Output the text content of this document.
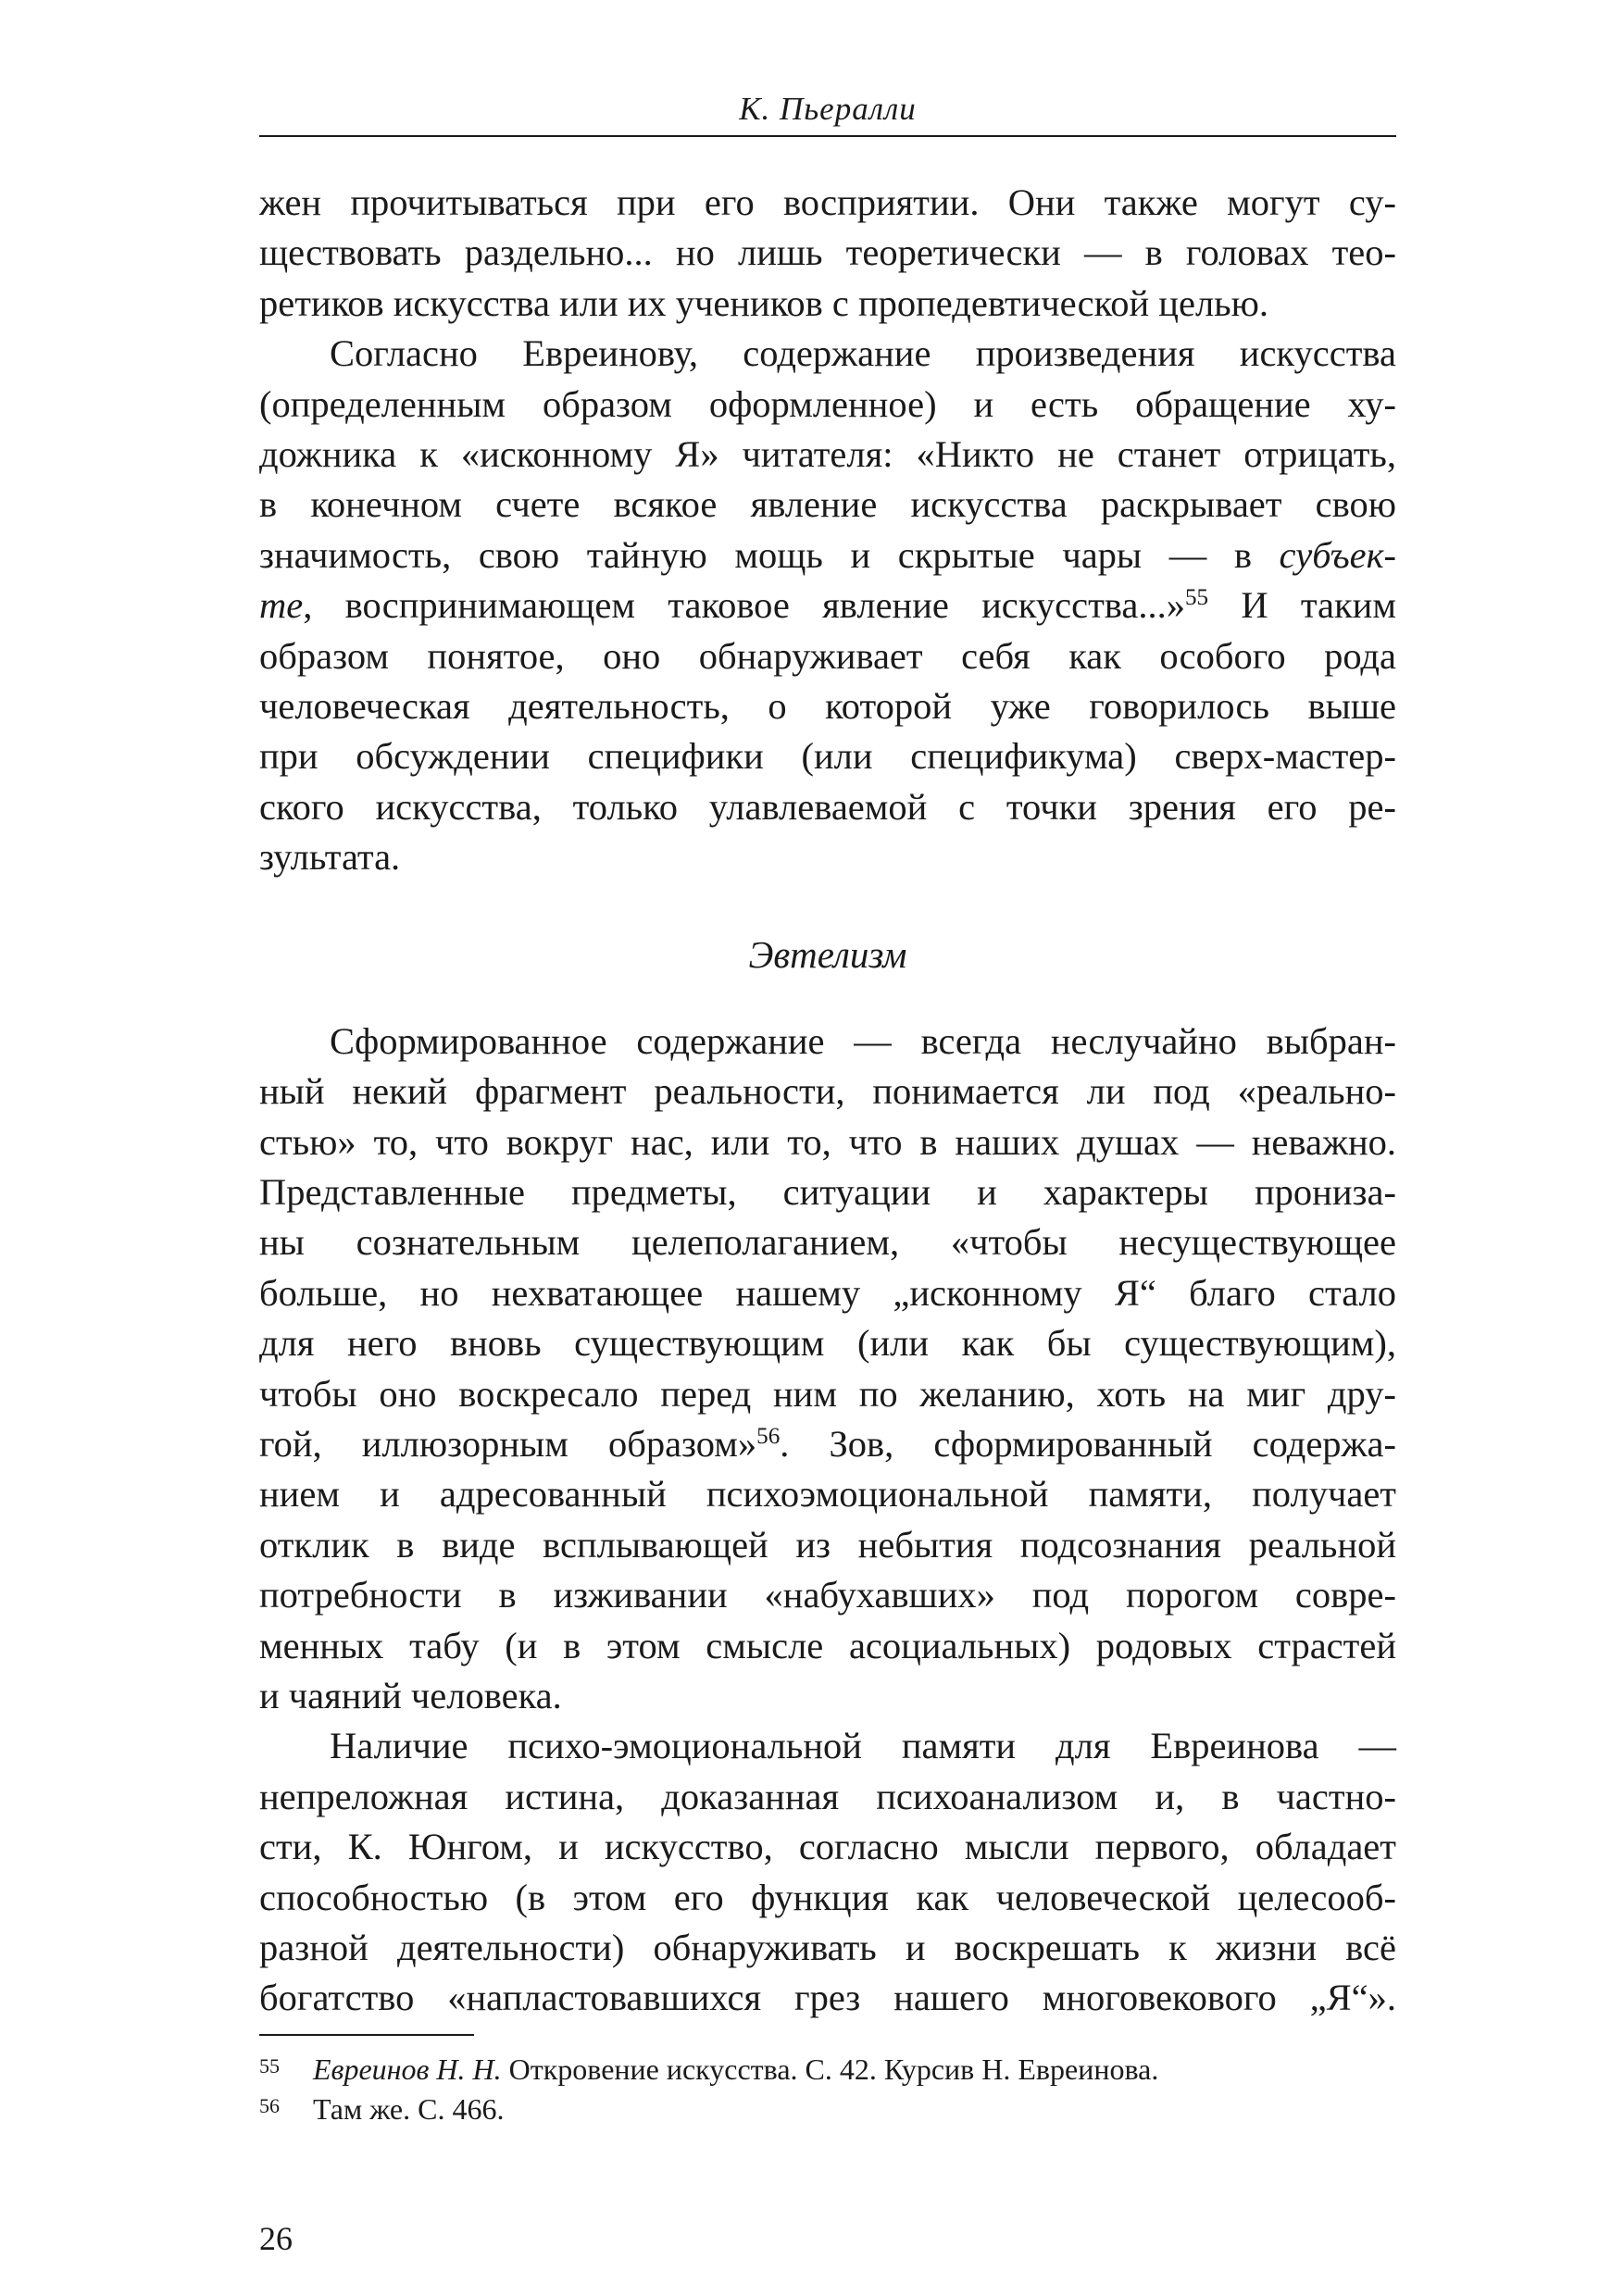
К. Пьералли

жен прочитываться при его восприятии. Они также могут су-
ществовать раздельно... но лишь теоретически — в головах тео-
ретиков искусства или их учеников с пропедевтической целью.

Согласно Евреинову, содержание произведения искусства
(определенным образом оформленное) и есть обращение ху-
дожника к «исконному Я» читателя: «Никто не станет отрицать,
в конечном счете всякое явление искусства раскрывает свою
значимость, свою тайную мощь и скрытые чары — в субъек-
те, воспринимающем таковое явление искусства...»$^{55}$ И таким
образом понятое, оно обнаруживает себя как особого рода
человеческая деятельность, о которой уже говорилось выше
при обсуждении специфики (или спецификума) сверх-мастер-
ского искусства, только улавлеваемой с точки зрения его ре-
зультата.

Эвтелизм

Сформированное содержание — всегда неслучайно выбран-
ный некий фрагмент реальности, понимается ли под «реально-
стью» то, что вокруг нас, или то, что в наших душах — неважно.
Представленные предметы, ситуации и характеры прониза-
ны сознательным целеполаганием, «чтобы несуществующее
больше, но нехватающее нашему „исконному Я“ благо стало
для него вновь существующим (или как бы существующим),
чтобы оно воскресало перед ним по желанию, хоть на миг дру-
гой, иллюзорным образом»$^{56}$. Зов, сформированный содержа-
нием и адресованный психоэмоциональной памяти, получает
отклик в виде всплывающей из небытия подсознания реальной
потребности в изживании «набухавших» под порогом совре-
менных табу (и в этом смысле асоциальных) родовых страстей
и чаяний человека.

Наличие психо-эмоциональной памяти для Евреинова —
непреложная истина, доказанная психоанализом и, в частно-
сти, К. Юнгом, и искусство, согласно мысли первого, обладает
способностью (в этом его функция как человеческой целесооб-
разной деятельности) обнаруживать и воскрешать к жизни всё
богатство «напластовавшихся грез нашего многовекового „Я“».

55 Евреинов Н. Н. Откровение искусства. С. 42. Курсив Н. Евреинова.
56 Там же. С. 466.
26
